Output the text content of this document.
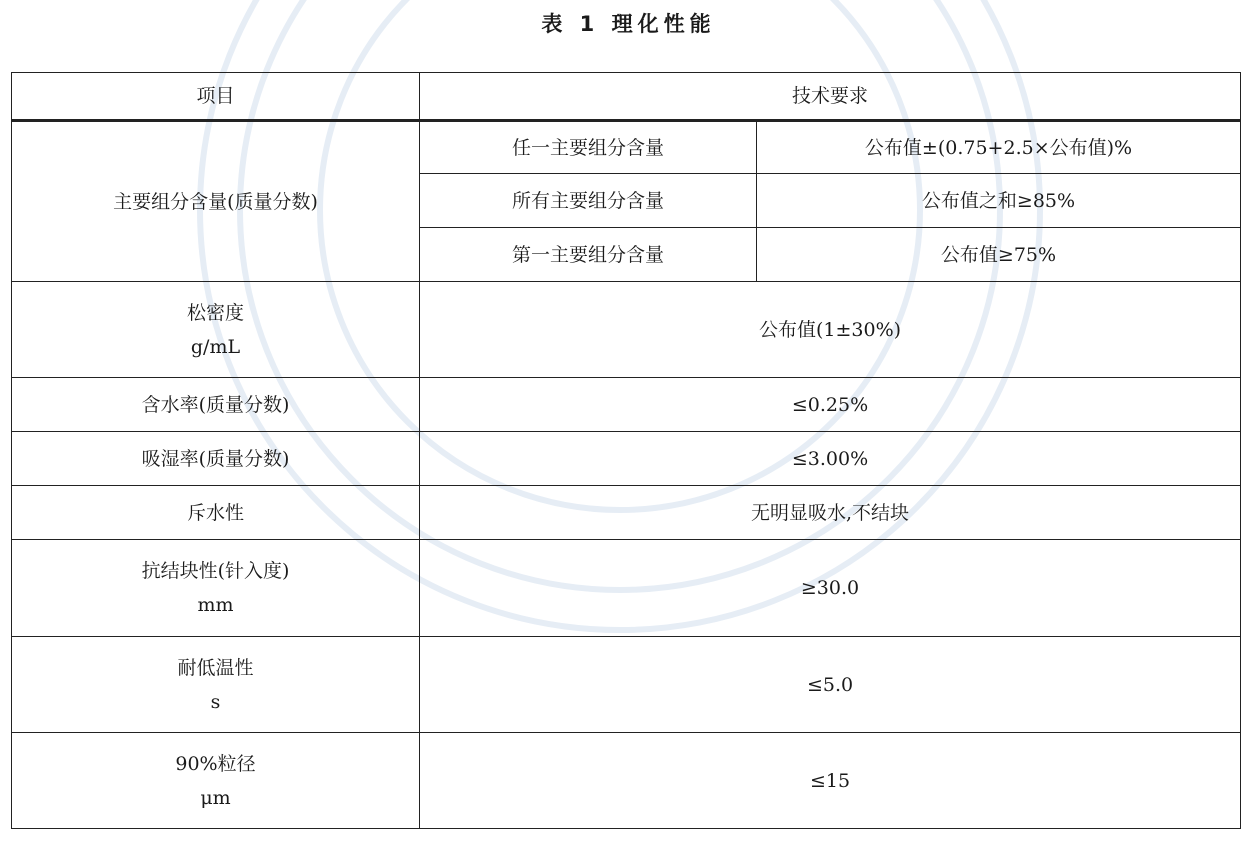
表 1 理化性能
项目	技术要求	
主要组分含量(质量分数)	任一主要组分含量	公布值±(0.75+2.5×公布值)%
	所有主要组分含量	公布值之和≥85%
	第一主要组分含量	公布值≥75%

松密度
g/mL	公布值(1±30%)	
含水率(质量分数)	≤0.25%	
吸湿率(质量分数)	≤3.00%	
斥水性	无明显吸水,不结块	

抗结块性(针入度)
mm	≥30.0	

耐低温性
s	≤5.0	

90%粒径
μm	≤15	
